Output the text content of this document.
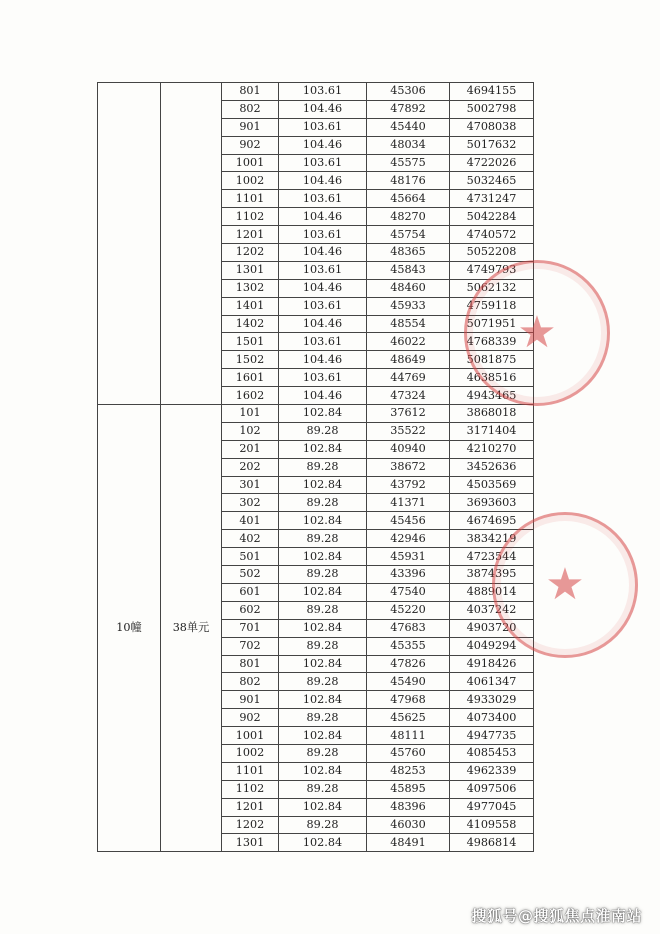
		801	103.61	45306	4694155
		802	104.46	47892	5002798
		901	103.61	45440	4708038
		902	104.46	48034	5017632
		1001	103.61	45575	4722026
		1002	104.46	48176	5032465
		1101	103.61	45664	4731247
		1102	104.46	48270	5042284
		1201	103.61	45754	4740572
		1202	104.46	48365	5052208
		1301	103.61	45843	4749793
		1302	104.46	48460	5062132
		1401	103.61	45933	4759118
		1402	104.46	48554	5071951
		1501	103.61	46022	4768339
		1502	104.46	48649	5081875
		1601	103.61	44769	4638516
		1602	104.46	47324	4943465
10幢	38单元	101	102.84	37612	3868018
		102	89.28	35522	3171404
		201	102.84	40940	4210270
		202	89.28	38672	3452636
		301	102.84	43792	4503569
		302	89.28	41371	3693603
		401	102.84	45456	4674695
		402	89.28	42946	3834219
		501	102.84	45931	4723544
		502	89.28	43396	3874395
		601	102.84	47540	4889014
		602	89.28	45220	4037242
		701	102.84	47683	4903720
		702	89.28	45355	4049294
		801	102.84	47826	4918426
		802	89.28	45490	4061347
		901	102.84	47968	4933029
		902	89.28	45625	4073400
		1001	102.84	48111	4947735
		1002	89.28	45760	4085453
		1101	102.84	48253	4962339
		1102	89.28	45895	4097506
		1201	102.84	48396	4977045
		1202	89.28	46030	4109558
		1301	102.84	48491	4986814
★
★
搜狐号@搜狐焦点淮南站
